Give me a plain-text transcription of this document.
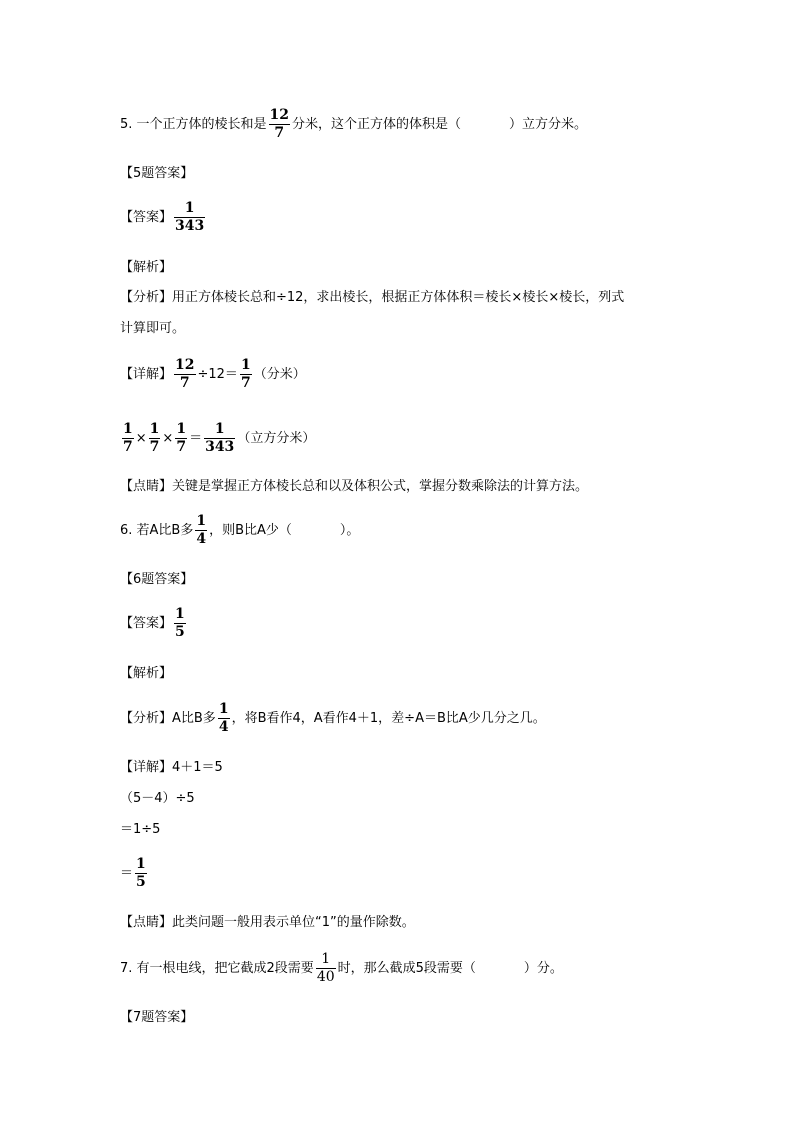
5. 一个正方体的棱长和是 $\frac{12}{7}$ 分米，这个正方体的体积是（	）立方分米。
【5题答案】
【答案】 $\frac{1}{343}$
【解析】
【分析】用正方体棱长总和÷12，求出棱长，根据正方体体积＝棱长×棱长×棱长，列式
计算即可。
【详解】 $\frac{12}{7} \div 12= \frac{1}{7}$ （分米）
$\frac{1}{7} \times \frac{1}{7} \times \frac{1}{7} = \frac{1}{343}$ （立方分米）
【点睛】关键是掌握正方体棱长总和以及体积公式，掌握分数乘除法的计算方法。
6. 若A比B多 $\frac{1}{4}$ ，则B比A少（	）。
【6题答案】
【答案】 $\frac{1}{5}$
【解析】
【分析】A比B多 $\frac{1}{4}$ ，将B看作4，A看作4＋1，差÷A＝B比A少几分之几。
【详解】4＋1＝5
（5－4）÷5
＝1÷5
＝ $\frac{1}{5}$
【点睛】此类问题一般用表示单位“1”的量作除数。
7. 有一根电线，把它截成2段需要 $\frac{1}{40}$ 时，那么截成5段需要（	）分。
【7题答案】
